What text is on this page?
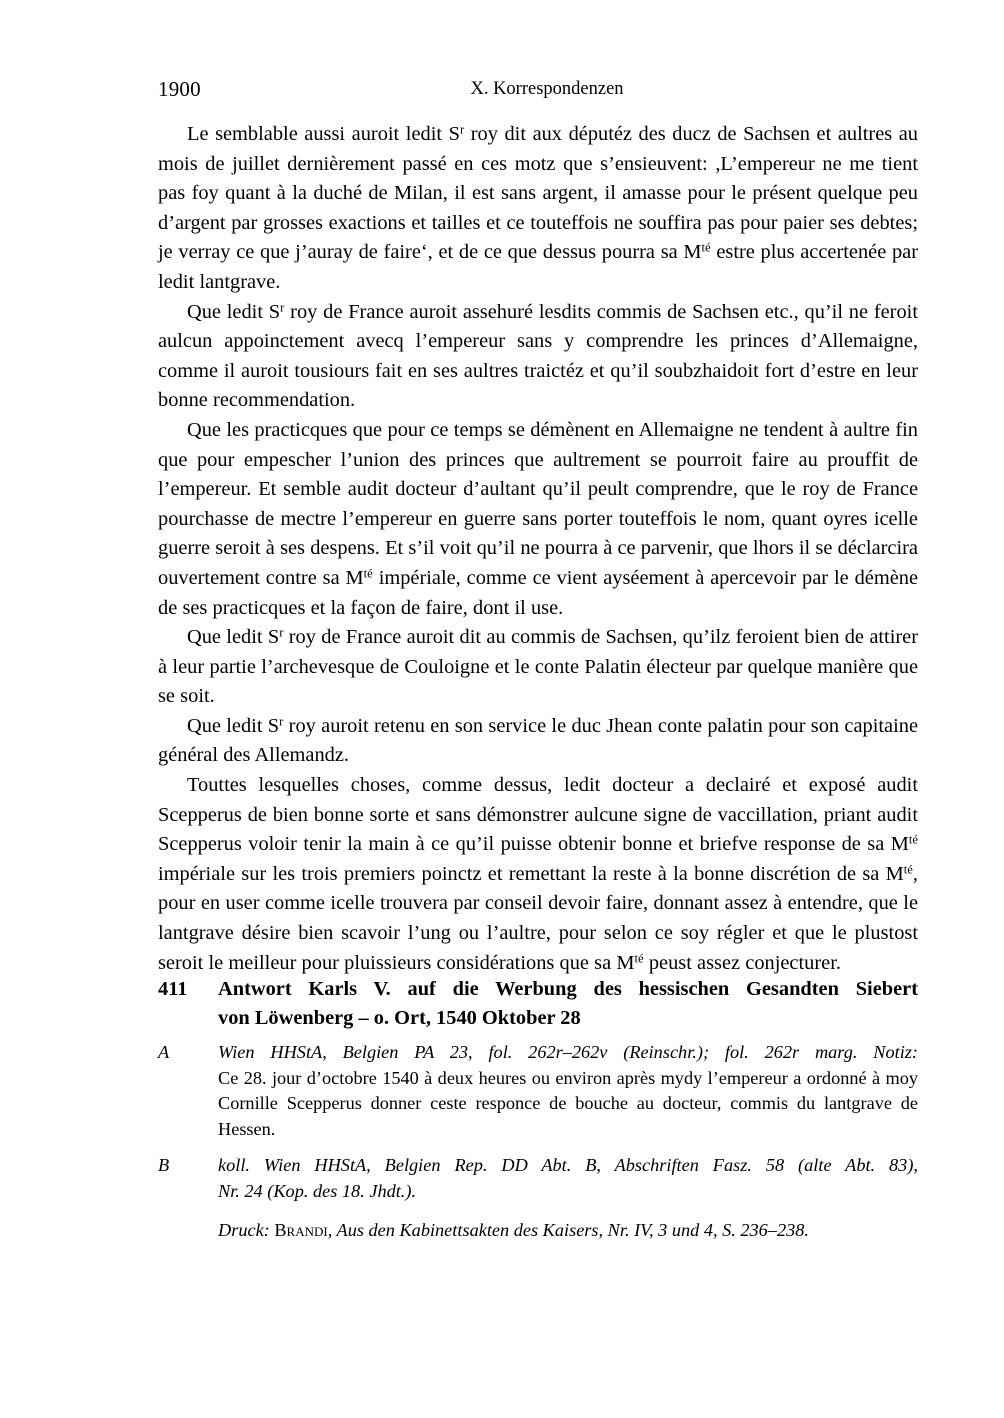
1900	X. Korrespondenzen

Le semblable aussi auroit ledit $S^r$ roy dit aux députéz des ducz de Sachsen et aultres au mois de juillet dernièrement passé en ces motz que s’ensieuvent: ,L’empereur ne me tient pas foy quant à la duché de Milan, il est sans argent, il amasse pour le présent quelque peu d’argent par grosses exactions et tailles et ce touteffois ne souffira pas pour paier ses debtes; je verray ce que j’auray de faire‘, et de ce que dessus pourra sa $M^{té}$ estre plus accertenée par ledit lantgrave.

Que ledit $S^r$ roy de France auroit assehuré lesdits commis de Sachsen etc., qu’il ne feroit aulcun appoinctement avecq l’empereur sans y comprendre les princes d’Allemaigne, comme il auroit tousiours fait en ses aultres traictéz et qu’il soubzhaidoit fort d’estre en leur bonne recommendation.

Que les practicques que pour ce temps se démènent en Allemaigne ne tendent à aultre fin que pour empescher l’union des princes que aultrement se pourroit faire au prouffit de l’empereur. Et semble audit docteur d’aultant qu’il peult comprendre, que le roy de France pourchasse de mectre l’empereur en guerre sans porter touteffois le nom, quant oyres icelle guerre seroit à ses despens. Et s’il voit qu’il ne pourra à ce parvenir, que lhors il se déclarcira ouvertement contre sa $M^{té}$ impériale, comme ce vient ayséement à apercevoir par le démène de ses practicques et la façon de faire, dont il use.

Que ledit $S^r$ roy de France auroit dit au commis de Sachsen, qu’ilz feroient bien de attirer à leur partie l’archevesque de Couloigne et le conte Palatin électeur par quelque manière que se soit.

Que ledit $S^r$ roy auroit retenu en son service le duc Jhean conte palatin pour son capitaine général des Allemandz.

Touttes lesquelles choses, comme dessus, ledit docteur a declairé et exposé audit Scepperus de bien bonne sorte et sans démonstrer aulcune signe de vaccillation, priant audit Scepperus voloir tenir la main à ce qu’il puisse obtenir bonne et briefve response de sa $M^{té}$ impériale sur les trois premiers poinctz et remettant la reste à la bonne discrétion de sa $M^{té}$, pour en user comme icelle trouvera par conseil devoir faire, donnant assez à entendre, que le lantgrave désire bien scavoir l’ung ou l’aultre, pour selon ce soy régler et que le plustost seroit le meilleur pour pluissieurs considérations que sa $M^{té}$ peust assez conjecturer.

411	Antwort Karls V. auf die Werbung des hessischen Gesandten Siebert
von Löwenberg – o. Ort, 1540 Oktober 28
A	Wien HHStA, Belgien PA 23, fol. 262r–262v (Reinschr.); fol. 262r marg. Notiz:
Ce 28. jour d’octobre 1540 à deux heures ou environ après mydy l’empereur a ordonné à moy Cornille Scepperus donner ceste responce de bouche au docteur, commis du lantgrave de Hessen.
B	koll. Wien HHStA, Belgien Rep. DD Abt. B, Abschriften Fasz. 58 (alte Abt. 83),
Nr. 24 (Kop. des 18. Jhdt.).
Druck: Brandi, Aus den Kabinettsakten des Kaisers, Nr. IV, 3 und 4, S. 236–238.
